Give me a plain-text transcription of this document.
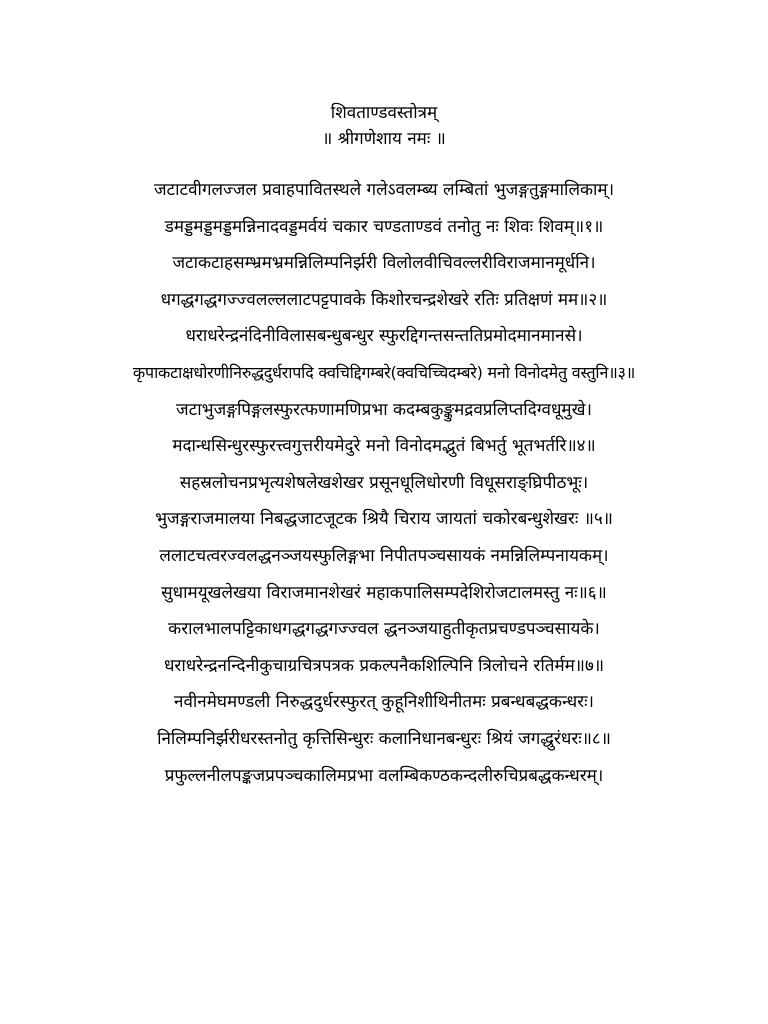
शिवताण्डवस्तोत्रम्
॥ श्रीगणेशाय नमः ॥
जटाटवीगलज्जल प्रवाहपावितस्थले गलेऽवलम्ब्य लम्बितां भुजङ्गतुङ्गमालिकाम्।
डमड्डमड्डमड्डमन्निनादवड्डमर्वयं चकार चण्डताण्डवं तनोतु नः शिवः शिवम्॥१॥
जटाकटाहसम्भ्रमभ्रमन्निलिम्पनिर्झरी विलोलवीचिवल्लरीविराजमानमूर्धनि।
धगद्धगद्धगज्ज्वलल्ललाटपट्टपावके किशोरचन्द्रशेखरे रतिः प्रतिक्षणं मम॥२॥
धराधरेन्द्रनंदिनीविलासबन्धुबन्धुर स्फुरद्दिगन्तसन्ततिप्रमोदमानमानसे।
कृपाकटाक्षधोरणीनिरुद्धदुर्धरापदि क्वचिद्दिगम्बरे(क्वचिच्चिदम्बरे) मनो विनोदमेतु वस्तुनि॥३॥
जटाभुजङ्गपिङ्गलस्फुरत्फणामणिप्रभा कदम्बकुङ्कुमद्रवप्रलिप्तदिग्वधूमुखे।
मदान्धसिन्धुरस्फुरत्त्वगुत्तरीयमेदुरे मनो विनोदमद्भुतं बिभर्तु भूतभर्तरि॥४॥
सहस्रलोचनप्रभृत्यशेषलेखशेखर प्रसूनधूलिधोरणी विधूसराङ्घ्रिपीठभूः।
भुजङ्गराजमालया निबद्धजाटजूटक श्रियै चिराय जायतां चकोरबन्धुशेखरः ॥५॥
ललाटचत्वरज्वलद्धनञ्जयस्फुलिङ्गभा निपीतपञ्चसायकं नमन्निलिम्पनायकम्।
सुधामयूखलेखया विराजमानशेखरं महाकपालिसम्पदेशिरोजटालमस्तु नः॥६॥
करालभालपट्टिकाधगद्धगद्धगज्ज्वल द्धनञ्जयाहुतीकृतप्रचण्डपञ्चसायके।
धराधरेन्द्रनन्दिनीकुचाग्रचित्रपत्रक प्रकल्पनैकशिल्पिनि त्रिलोचने रतिर्मम॥७॥
नवीनमेघमण्डली निरुद्धदुर्धरस्फुरत् कुहूनिशीथिनीतमः प्रबन्धबद्धकन्धरः।
निलिम्पनिर्झरीधरस्तनोतु कृत्तिसिन्धुरः कलानिधानबन्धुरः श्रियं जगद्धुरंधरः॥८॥
प्रफुल्लनीलपङ्कजप्रपञ्चकालिमप्रभा वलम्बिकण्ठकन्दलीरुचिप्रबद्धकन्धरम्।
